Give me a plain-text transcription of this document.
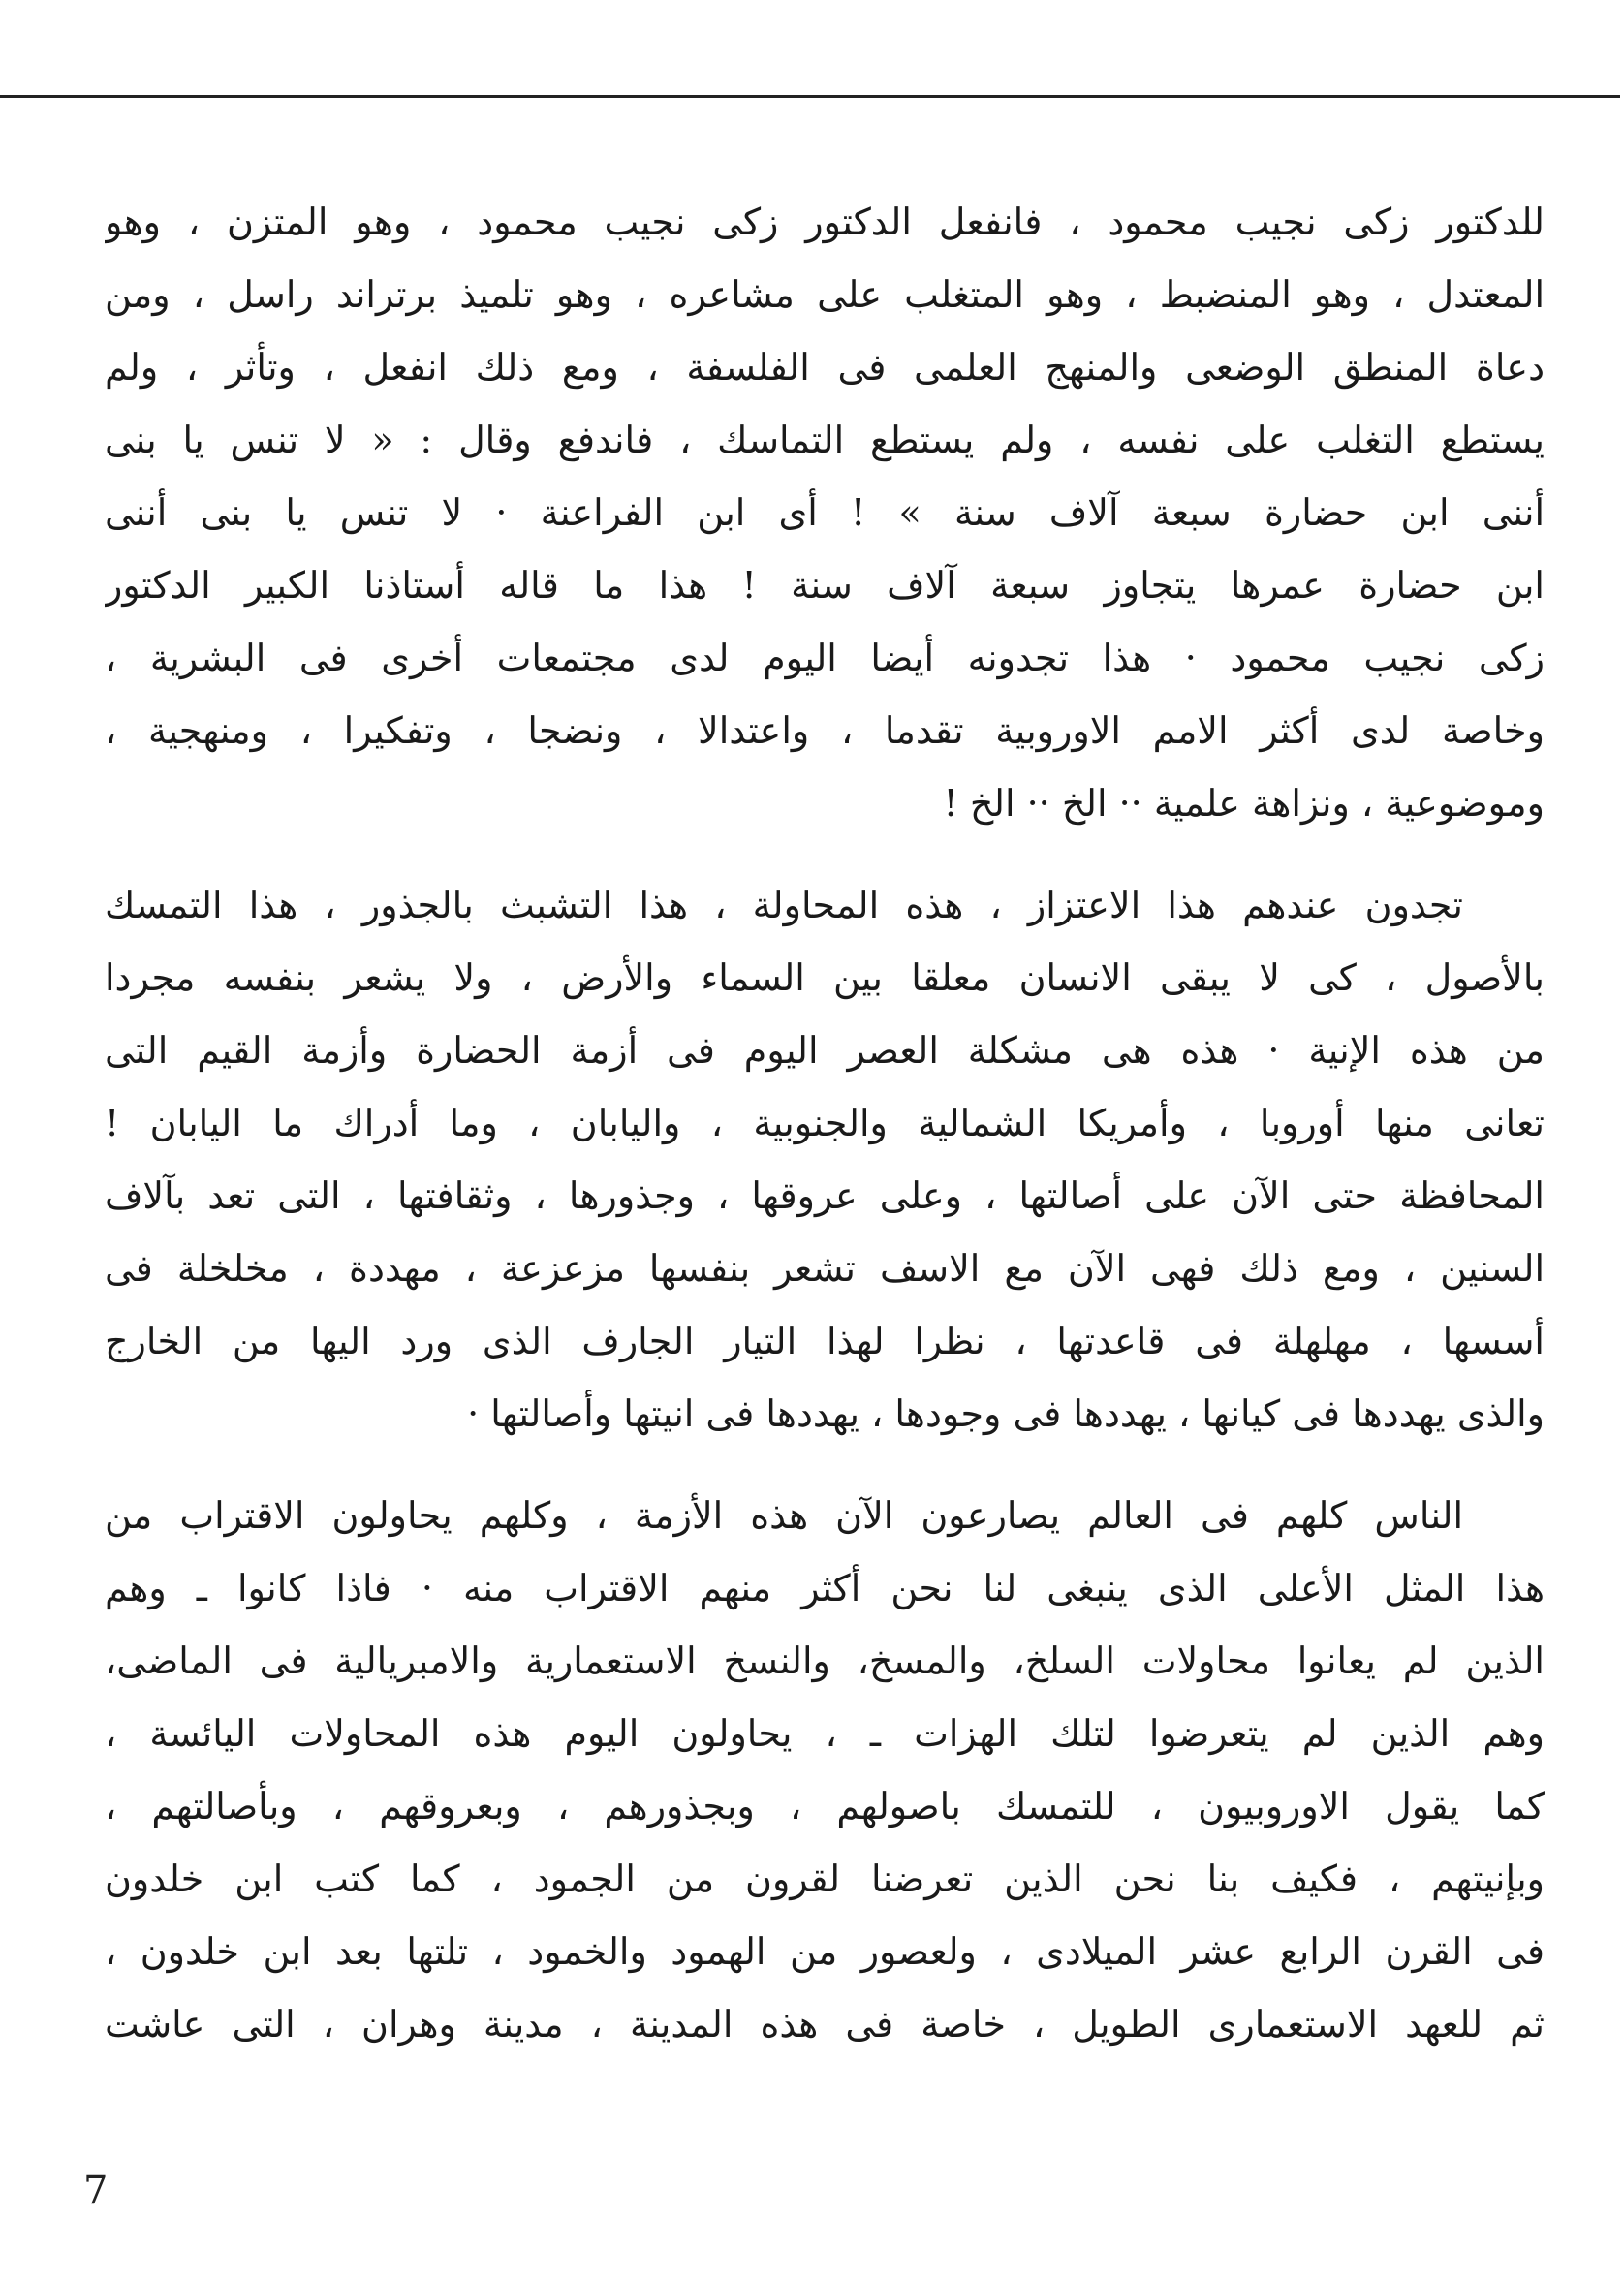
للدكتور زكى نجيب محمود ، فانفعل الدكتور زكى نجيب محمود ، وهو المتزن ، وهو
المعتدل ، وهو المنضبط ، وهو المتغلب على مشاعره ، وهو تلميذ برتراند راسل ، ومن
دعاة المنطق الوضعى والمنهج العلمى فى الفلسفة ، ومع ذلك انفعل ، وتأثر ، ولم
يستطع التغلب على نفسه ، ولم يستطع التماسك ، فاندفع وقال : « لا تنس يا بنى
أننى ابن حضارة سبعة آلاف سنة » ! أى ابن الفراعنة · لا تنس يا بنى أننى
ابن حضارة عمرها يتجاوز سبعة آلاف سنة ! هذا ما قاله أستاذنا الكبير الدكتور
زكى نجيب محمود · هذا تجدونه أيضا اليوم لدى مجتمعات أخرى فى البشرية ،
وخاصة لدى أكثر الامم الاوروبية تقدما ، واعتدالا ، ونضجا ، وتفكيرا ، ومنهجية ،
وموضوعية ، ونزاهة علمية ·· الخ ·· الخ !
تجدون عندهم هذا الاعتزاز ، هذه المحاولة ، هذا التشبث بالجذور ، هذا التمسك
بالأصول ، كى لا يبقى الانسان معلقا بين السماء والأرض ، ولا يشعر بنفسه مجردا
من هذه الإنية · هذه هى مشكلة العصر اليوم فى أزمة الحضارة وأزمة القيم التى
تعانى منها أوروبا ، وأمريكا الشمالية والجنوبية ، واليابان ، وما أدراك ما اليابان !
المحافظة حتى الآن على أصالتها ، وعلى عروقها ، وجذورها ، وثقافتها ، التى تعد بآلاف
السنين ، ومع ذلك فهى الآن مع الاسف تشعر بنفسها مزعزعة ، مهددة ، مخلخلة فى
أسسها ، مهلهلة فى قاعدتها ، نظرا لهذا التيار الجارف الذى ورد اليها من الخارج
والذى يهددها فى كيانها ، يهددها فى وجودها ، يهددها فى انيتها وأصالتها ·
الناس كلهم فى العالم يصارعون الآن هذه الأزمة ، وكلهم يحاولون الاقتراب من
هذا المثل الأعلى الذى ينبغى لنا نحن أكثر منهم الاقتراب منه · فاذا كانوا ـ وهم
الذين لم يعانوا محاولات السلخ، والمسخ، والنسخ الاستعمارية والامبريالية فى الماضى،
وهم الذين لم يتعرضوا لتلك الهزات ـ ، يحاولون اليوم هذه المحاولات اليائسة ،
كما يقول الاوروبيون ، للتمسك باصولهم ، وبجذورهم ، وبعروقهم ، وبأصالتهم ،
وبإنيتهم ، فكيف بنا نحن الذين تعرضنا لقرون من الجمود ، كما كتب ابن خلدون
فى القرن الرابع عشر الميلادى ، ولعصور من الهمود والخمود ، تلتها بعد ابن خلدون ،
ثم للعهد الاستعمارى الطويل ، خاصة فى هذه المدينة ، مدينة وهران ، التى عاشت
7
